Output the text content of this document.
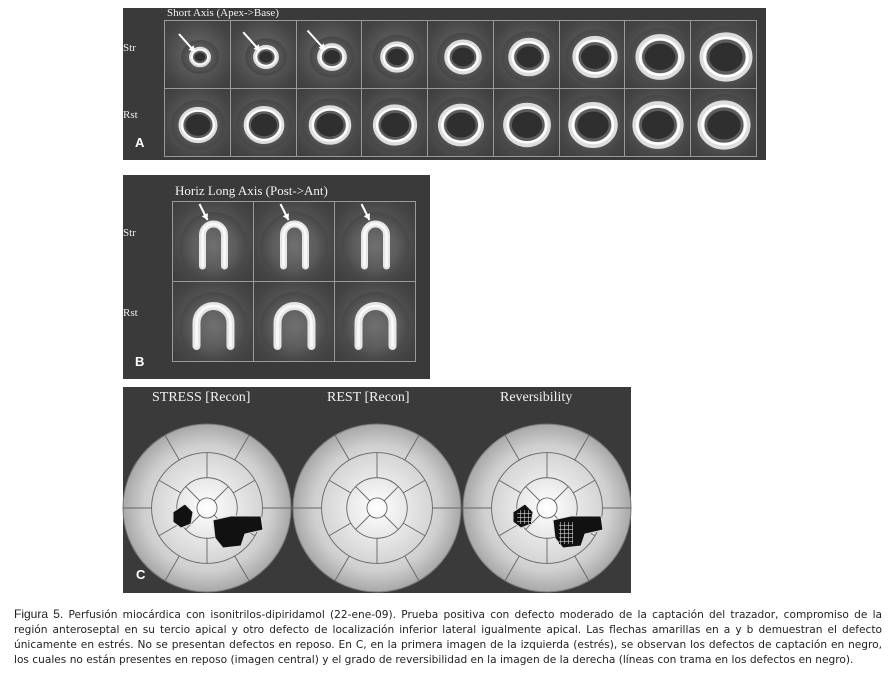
Short Axis (Apex->Base)
Str
Rst
A
Horiz Long Axis (Post->Ant)
Str
Rst
B
STRESS [Recon]	REST [Recon]	Reversibility
C
Figura 5. Perfusión miocárdica con isonitrilos-dipiridamol (22-ene-09). Prueba positiva con defecto moderado de la captación del trazador, compromiso de la región anteroseptal en su tercio apical y otro defecto de localización inferior lateral igualmente apical. Las flechas amarillas en a y b demuestran el defecto únicamente en estrés. No se presentan defectos en reposo. En C, en la primera imagen de la izquierda (estrés), se observan los defectos de captación en negro, los cuales no están presentes en reposo (imagen central) y el grado de reversibilidad en la imagen de la derecha (líneas con trama en los defectos en negro).
